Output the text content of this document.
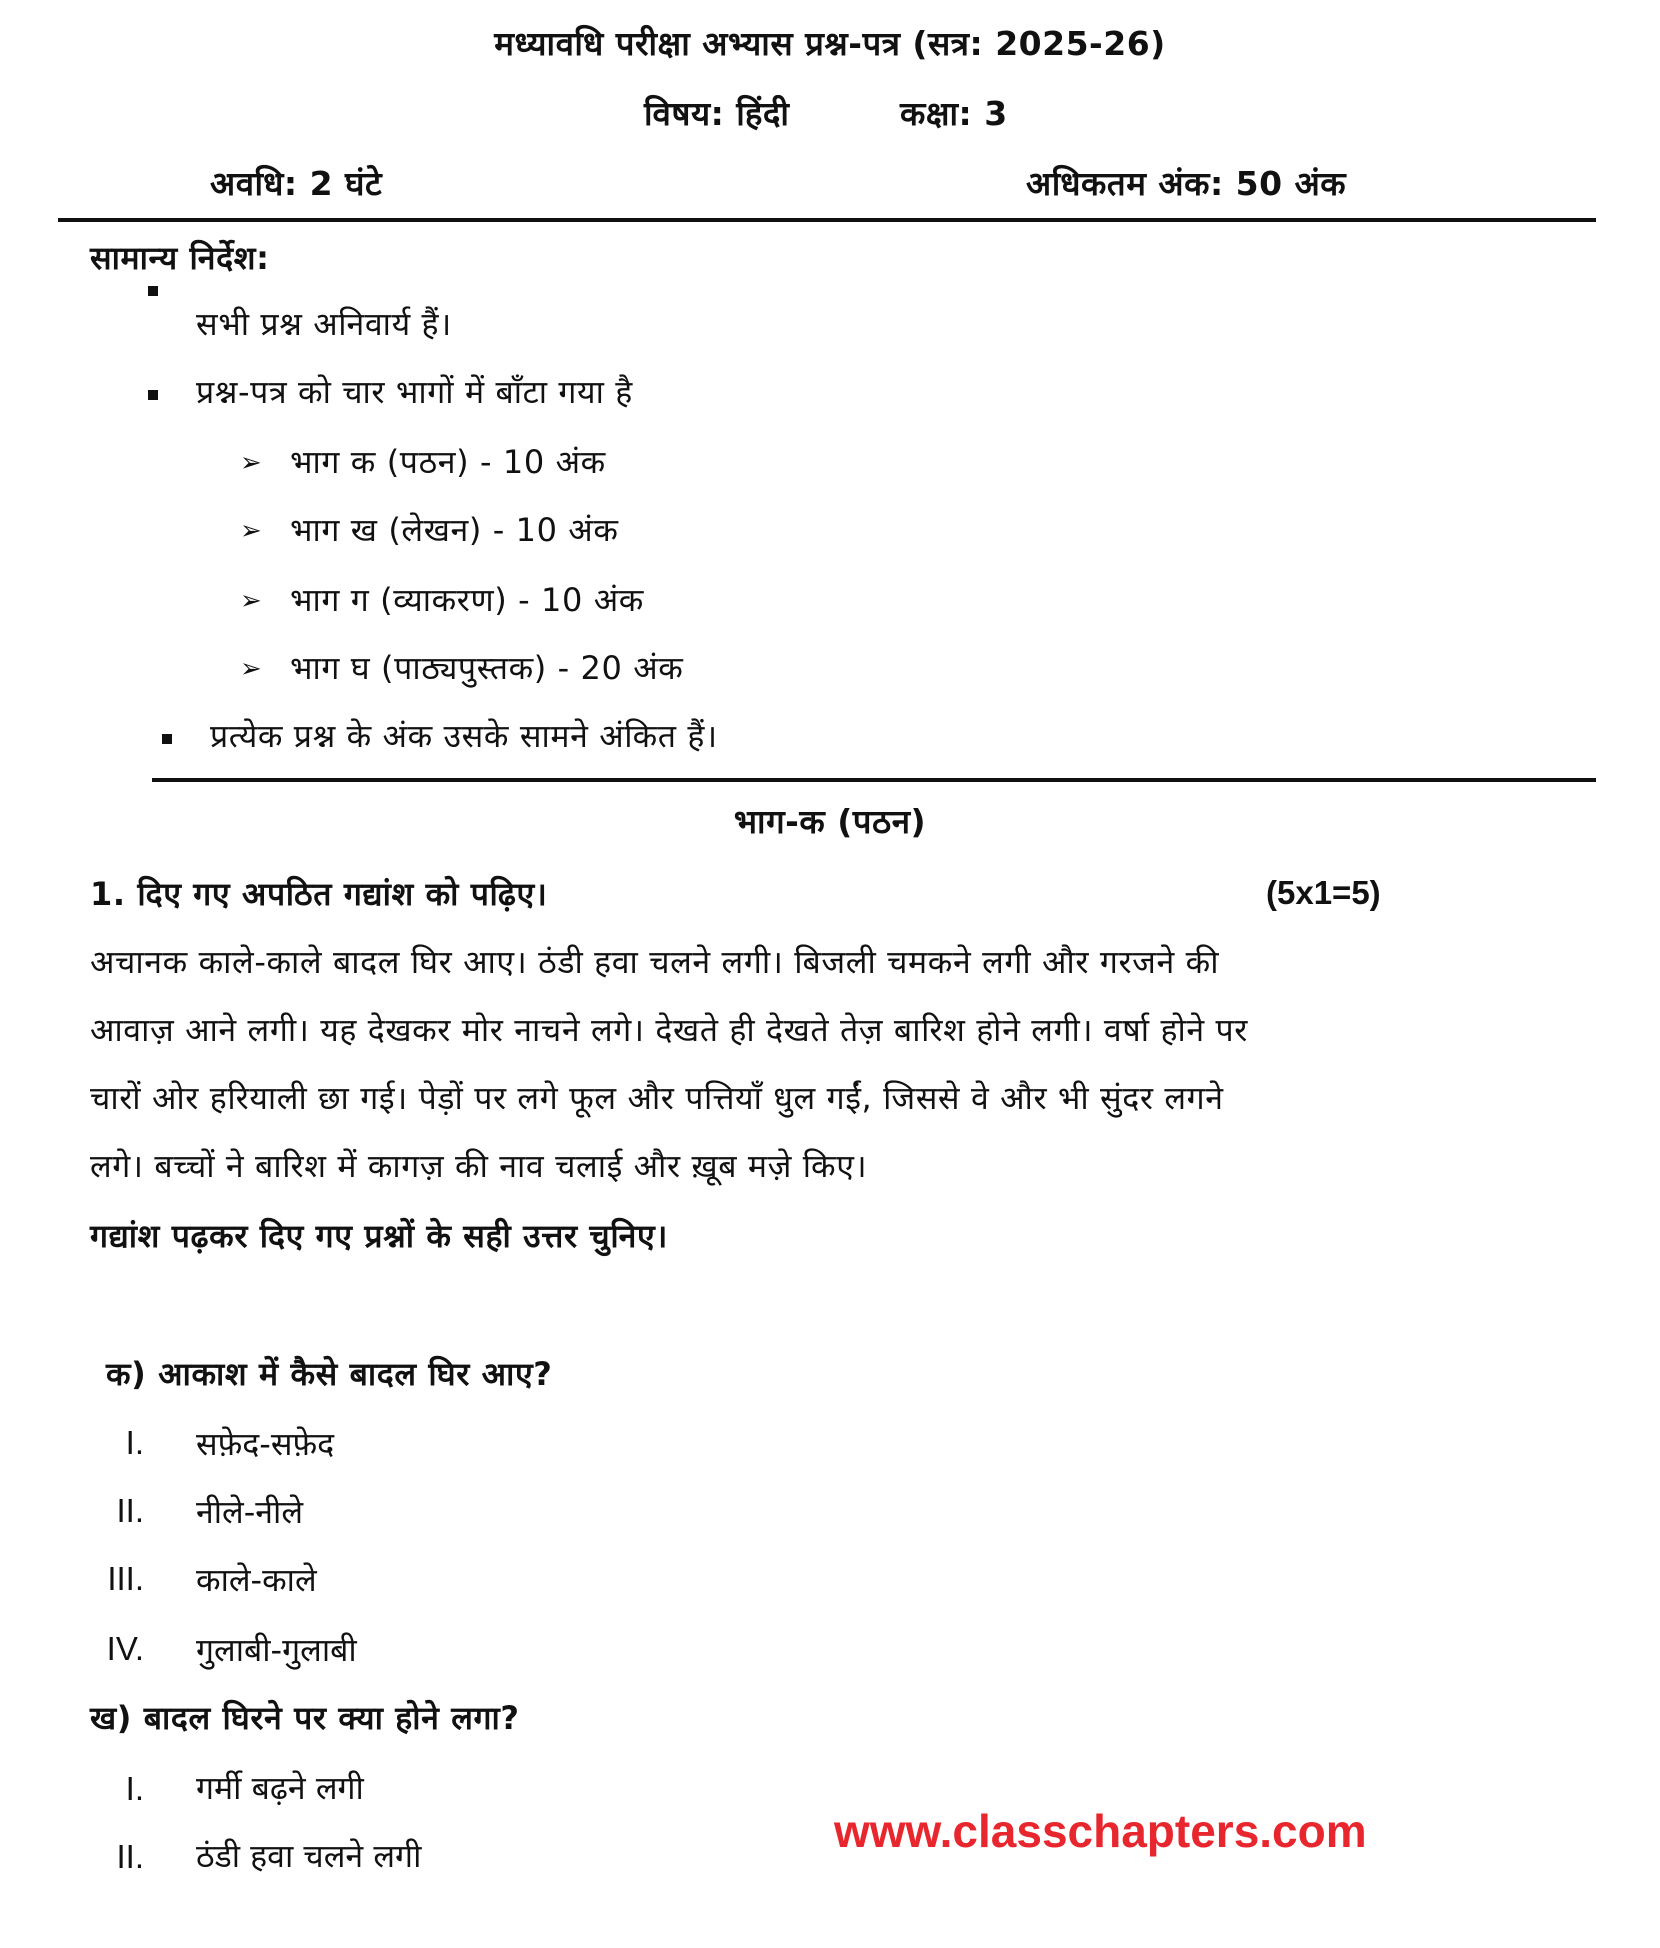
मध्यावधि परीक्षा अभ्यास प्रश्न-पत्र (सत्र: 2025-26)
विषय: हिंदी	कक्षा: 3
अवधि: 2 घंटे	अधिकतम अंक: 50 अंक
सामान्य निर्देश:
सभी प्रश्न अनिवार्य हैं।
प्रश्न-पत्र को चार भागों में बाँटा गया है
➢ भाग क (पठन) - 10 अंक
➢ भाग ख (लेखन) - 10 अंक
➢ भाग ग (व्याकरण) - 10 अंक
➢ भाग घ (पाठ्यपुस्तक) - 20 अंक
प्रत्येक प्रश्न के अंक उसके सामने अंकित हैं।
भाग-क (पठन)
1. दिए गए अपठित गद्यांश को पढ़िए।	(5x1=5)
अचानक काले-काले बादल घिर आए। ठंडी हवा चलने लगी। बिजली चमकने लगी और गरजने की
आवाज़ आने लगी। यह देखकर मोर नाचने लगे। देखते ही देखते तेज़ बारिश होने लगी। वर्षा होने पर
चारों ओर हरियाली छा गई। पेड़ों पर लगे फूल और पत्तियाँ धुल गईं, जिससे वे और भी सुंदर लगने
लगे। बच्चों ने बारिश में कागज़ की नाव चलाई और ख़ूब मज़े किए।
गद्यांश पढ़कर दिए गए प्रश्नों के सही उत्तर चुनिए।
क) आकाश में कैसे बादल घिर आए?
I. सफ़ेद-सफ़ेद
II. नीले-नीले
III. काले-काले
IV. गुलाबी-गुलाबी
ख) बादल घिरने पर क्या होने लगा?
I. गर्मी बढ़ने लगी
II. ठंडी हवा चलने लगी	www.classchapters.com
